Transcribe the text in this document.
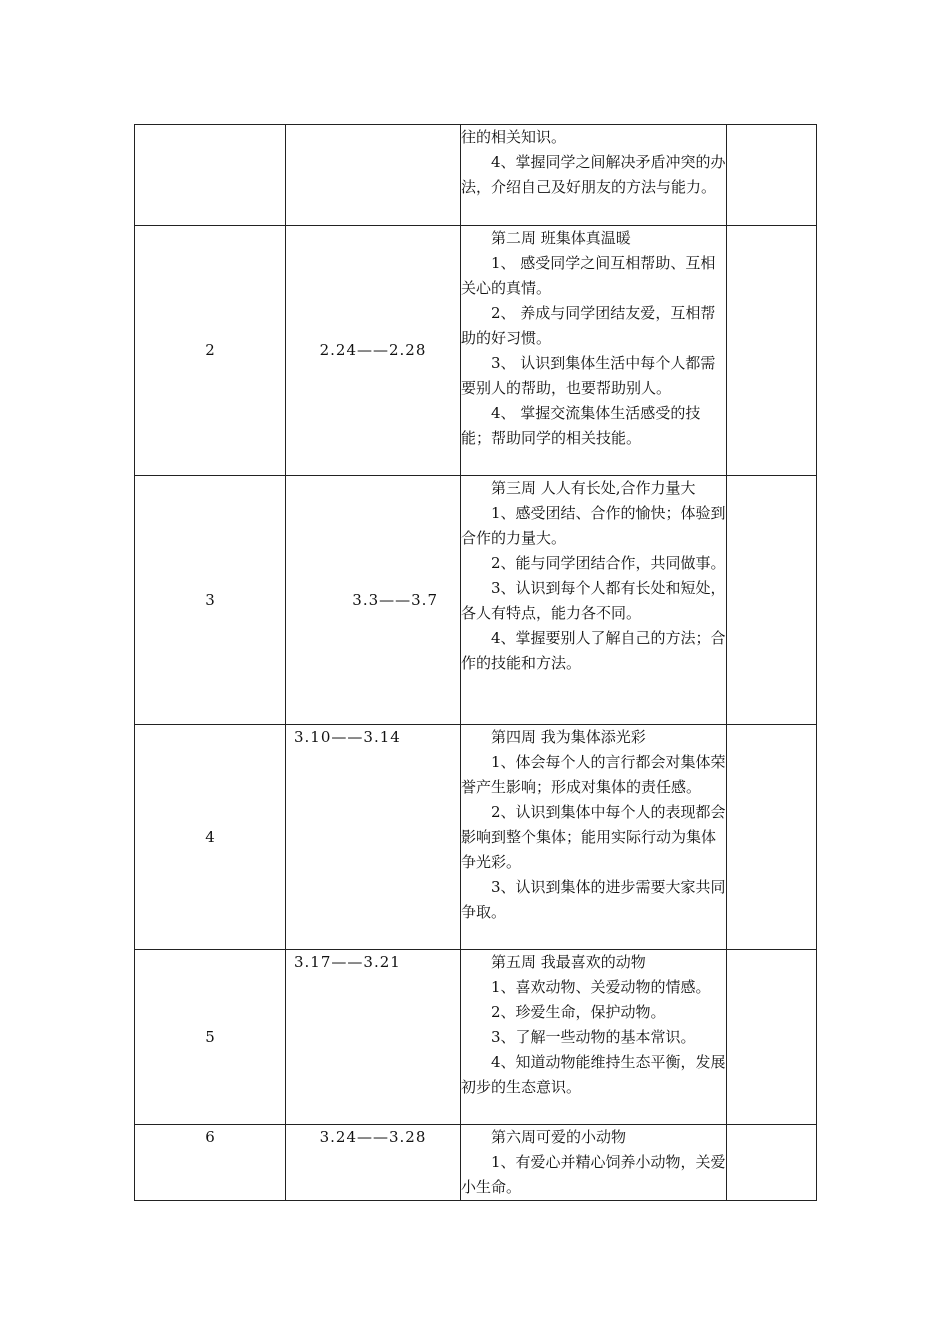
		往的相关知识。

4、掌握同学之间解决矛盾冲突的办法，介绍自己及好朋友的方法与能力。	

2	2.24——2.28	第二周 班集体真温暖

1、 感受同学之间互相帮助、互相关心的真情。

2、 养成与同学团结友爱，互相帮助的好习惯。

3、 认识到集体生活中每个人都需要别人的帮助，也要帮助别人。

4、 掌握交流集体生活感受的技能；帮助同学的相关技能。	

3	3.3——3.7	第三周 人人有长处,合作力量大

1、感受团结、合作的愉快；体验到合作的力量大。

2、能与同学团结合作，共同做事。

3、认识到每个人都有长处和短处，各人有特点，能力各不同。

4、掌握要别人了解自己的方法；合作的技能和方法。	

4	3.10——3.14	第四周 我为集体添光彩

1、体会每个人的言行都会对集体荣誉产生影响；形成对集体的责任感。

2、认识到集体中每个人的表现都会影响到整个集体；能用实际行动为集体争光彩。

3、认识到集体的进步需要大家共同争取。	

5	3.17——3.21	第五周 我最喜欢的动物

1、喜欢动物、关爱动物的情感。

2、珍爱生命，保护动物。

3、了解一些动物的基本常识。

4、知道动物能维持生态平衡，发展初步的生态意识。	

6	3.24——3.28	第六周可爱的小动物

1、有爱心并精心饲养小动物，关爱小生命。	
